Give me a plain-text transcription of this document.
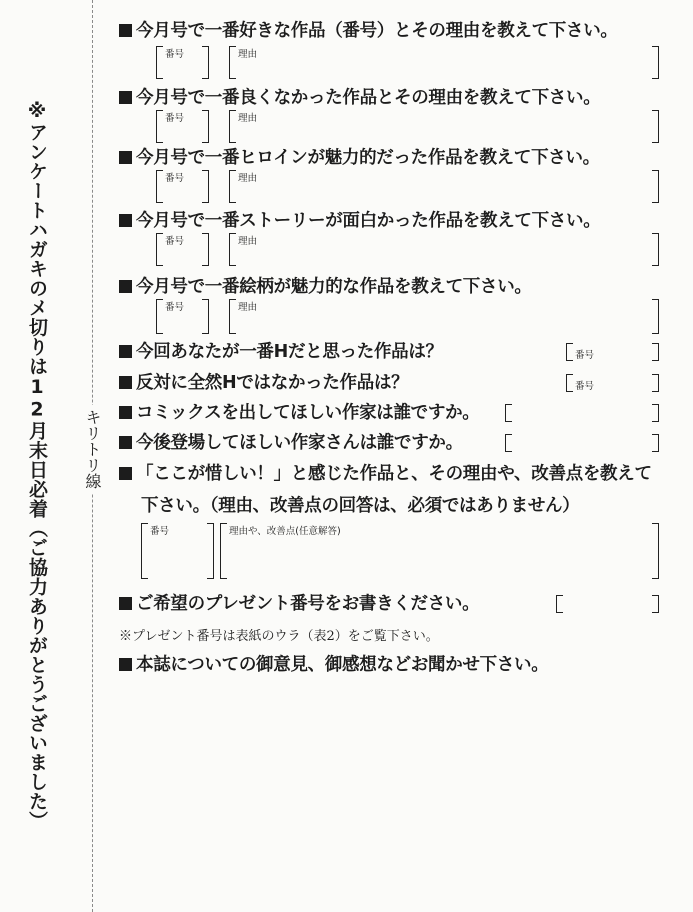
※アンケートハガキのメ切りは12月末日必着（ご協力ありがとうございました）	キリトリ線
今月号で一番好きな作品（番号）とその理由を教えて下さい。
番号	理由
今月号で一番良くなかった作品とその理由を教えて下さい。
番号	理由
今月号で一番ヒロインが魅力的だった作品を教えて下さい。
番号	理由
今月号で一番ストーリーが面白かった作品を教えて下さい。
番号	理由
今月号で一番絵柄が魅力的な作品を教えて下さい。
番号	理由
今回あなたが一番Hだと思った作品は？	番号
反対に全然Hではなかった作品は？	番号
コミックスを出してほしい作家は誰ですか。
今後登場してほしい作家さんは誰ですか。
「ここが惜しい！」と感じた作品と、その理由や、改善点を教えて
下さい。（理由、改善点の回答は、必須ではありません）
番号	理由や、改善点(任意解答)
ご希望のプレゼント番号をお書きください。
※プレゼント番号は表紙のウラ（表2）をご覧下さい。
本誌についての御意見、御感想などお聞かせ下さい。
